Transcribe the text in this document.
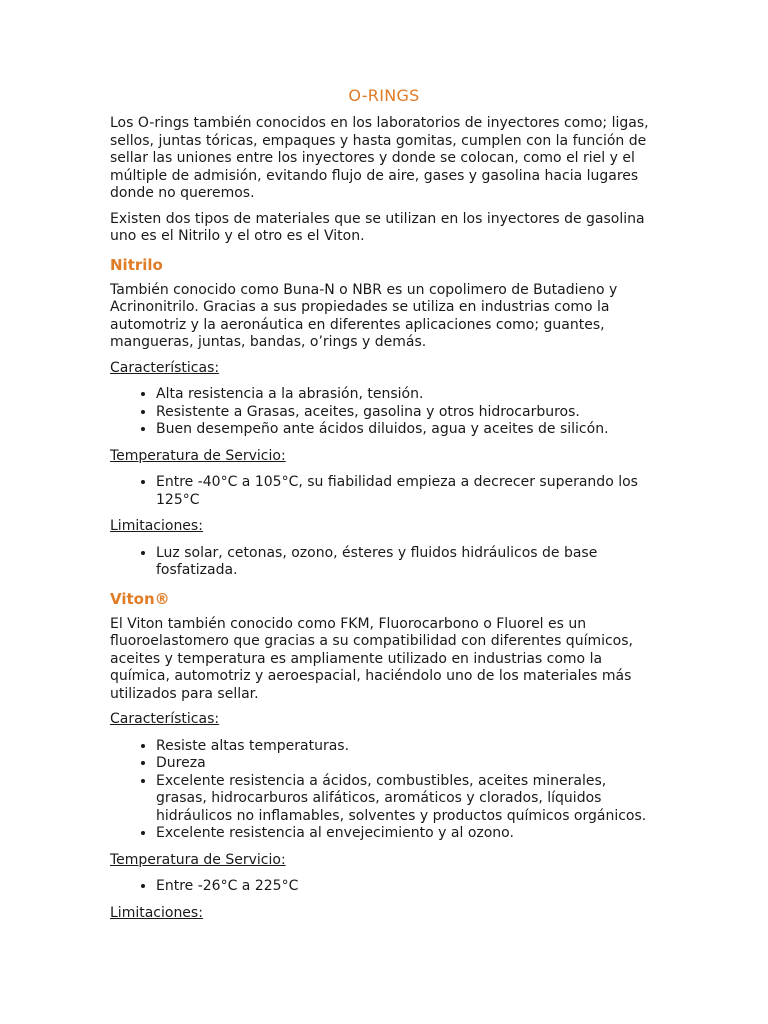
O-RINGS

Los O-rings también conocidos en los laboratorios de inyectores como; ligas, sellos, juntas tóricas, empaques y hasta gomitas, cumplen con la función de sellar las uniones entre los inyectores y donde se colocan, como el riel y el múltiple de admisión, evitando flujo de aire, gases y gasolina hacia lugares donde no queremos.

Existen dos tipos de materiales que se utilizan en los inyectores de gasolina uno es el Nitrilo y el otro es el Viton.

Nitrilo

También conocido como Buna-N o NBR es un copolimero de Butadieno y Acrinonitrilo. Gracias a sus propiedades se utiliza en industrias como la automotriz y la aeronáutica en diferentes aplicaciones como; guantes, mangueras, juntas, bandas, o’rings y demás.

Características:
• Alta resistencia a la abrasión, tensión.
• Resistente a Grasas, aceites, gasolina y otros hidrocarburos.
• Buen desempeño ante ácidos diluidos, agua y aceites de silicón.
Temperatura de Servicio:
• Entre -40°C a 105°C, su fiabilidad empieza a decrecer superando los 125°C
Limitaciones:
• Luz solar, cetonas, ozono, ésteres y fluidos hidráulicos de base fosfatizada.
Viton®

El Viton también conocido como FKM, Fluorocarbono o Fluorel es un fluoroelastomero que gracias a su compatibilidad con diferentes químicos, aceites y temperatura es ampliamente utilizado en industrias como la química, automotriz y aeroespacial, haciéndolo uno de los materiales más utilizados para sellar.

Características:
• Resiste altas temperaturas.
• Dureza
• Excelente resistencia a ácidos, combustibles, aceites minerales, grasas, hidrocarburos alifáticos, aromáticos y clorados, líquidos hidráulicos no inflamables, solventes y productos químicos orgánicos.
• Excelente resistencia al envejecimiento y al ozono.
Temperatura de Servicio:
• Entre -26°C a 225°C
Limitaciones:
